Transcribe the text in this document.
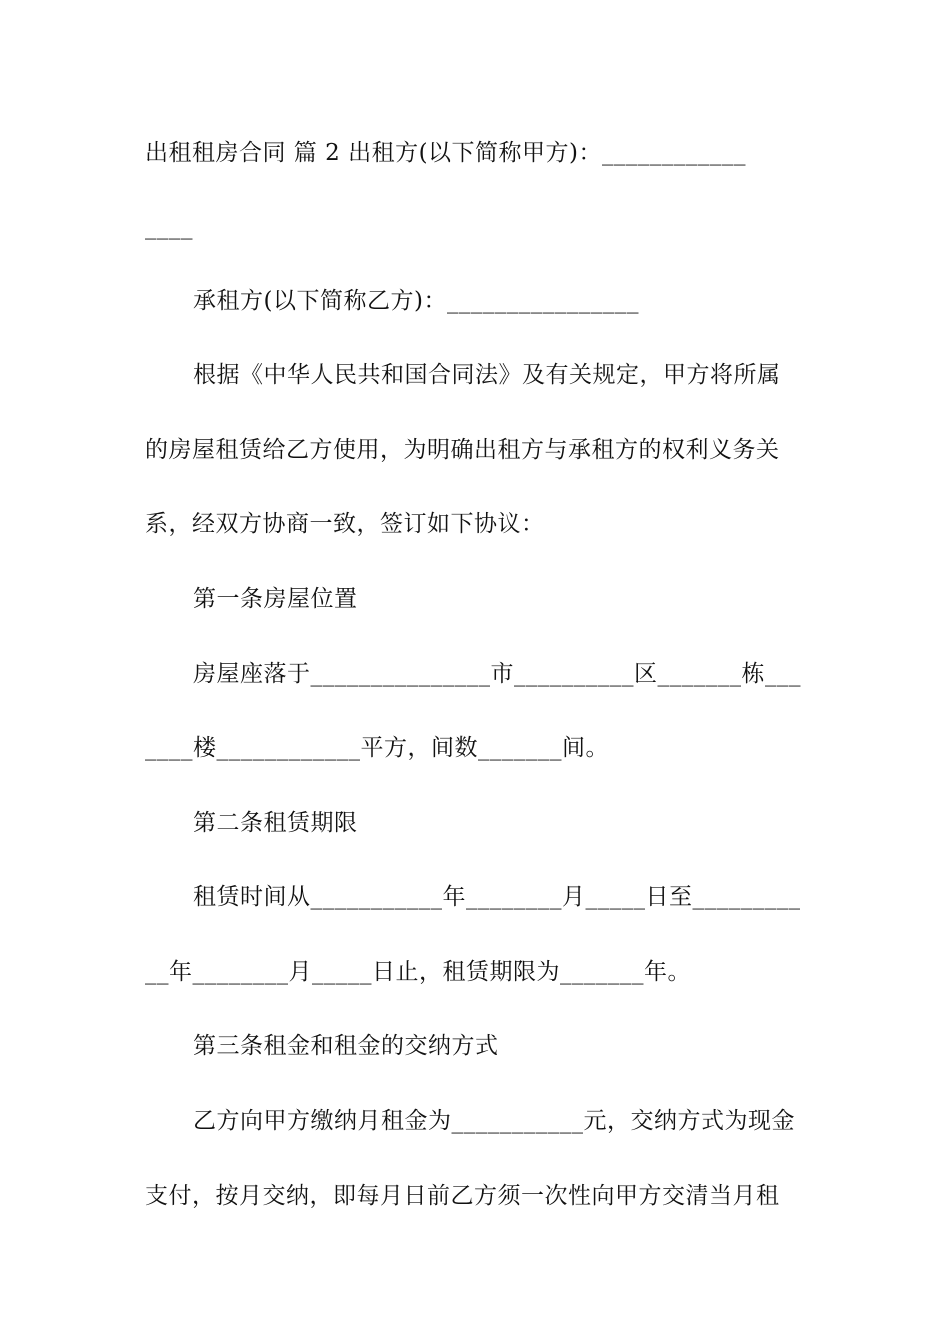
出租租房合同 篇 2 出租方(以下简称甲方)：____________
____
承租方(以下简称乙方)：________________
根据《中华人民共和国合同法》及有关规定，甲方将所属
的房屋租赁给乙方使用，为明确出租方与承租方的权利义务关
系，经双方协商一致，签订如下协议：
第一条房屋位置
房屋座落于_______________市__________区_______栋___
____楼____________平方，间数_______间。
第二条租赁期限
租赁时间从___________年________月_____日至_________
__年________月_____日止，租赁期限为_______年。
第三条租金和租金的交纳方式
乙方向甲方缴纳月租金为___________元，交纳方式为现金
支付，按月交纳，即每月日前乙方须一次性向甲方交清当月租
